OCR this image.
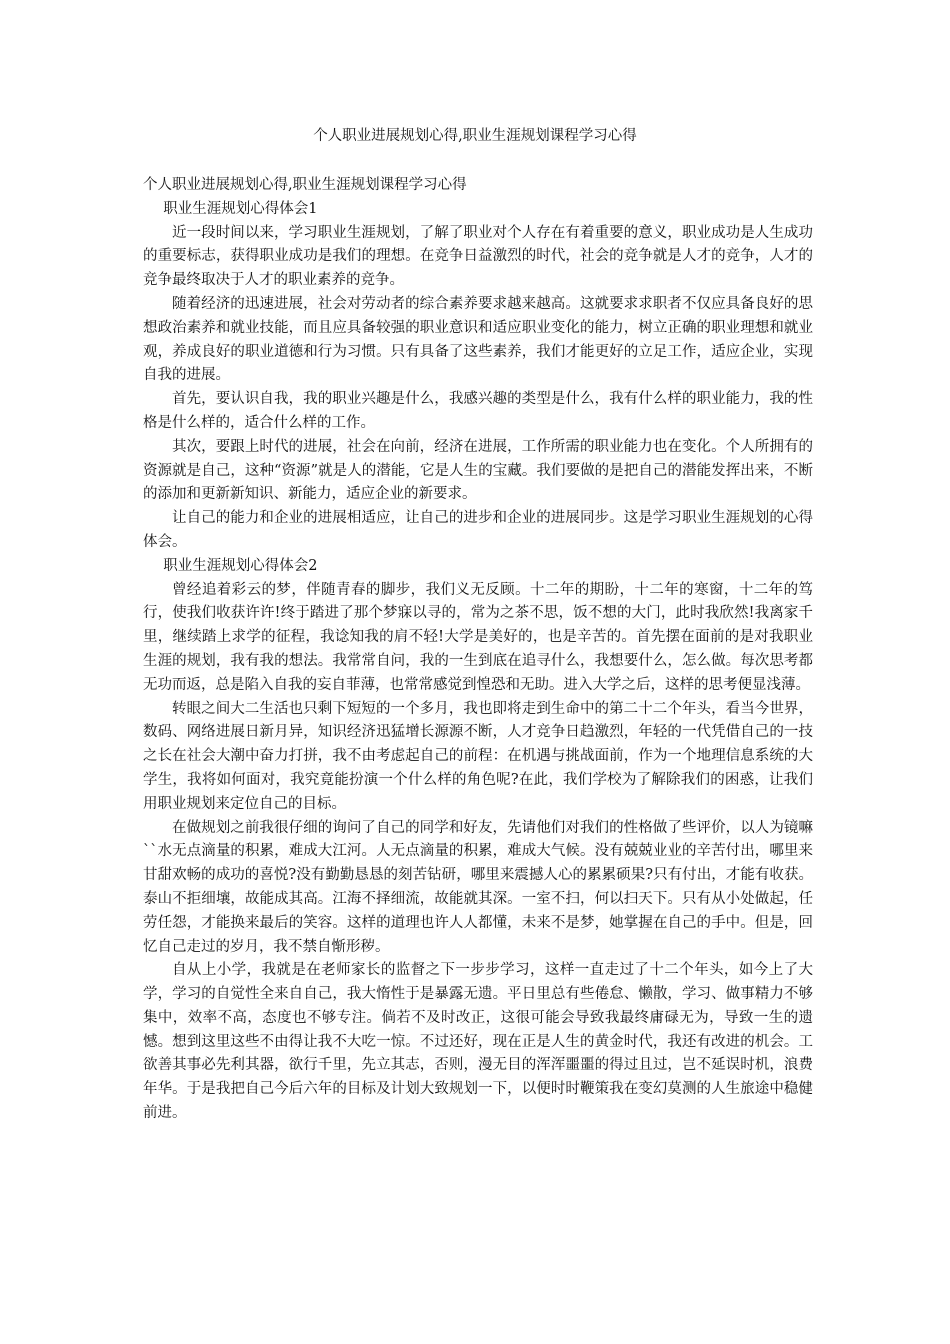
个人职业进展规划心得,职业生涯规划课程学习心得

个人职业进展规划心得,职业生涯规划课程学习心得

职业生涯规划心得体会1

近一段时间以来，学习职业生涯规划，了解了职业对个人存在有着重要的意义，职业成功是人生成功的重要标志，获得职业成功是我们的理想。在竞争日益激烈的时代，社会的竞争就是人才的竞争，人才的竞争最终取决于人才的职业素养的竞争。

随着经济的迅速进展，社会对劳动者的综合素养要求越来越高。这就要求求职者不仅应具备良好的思想政治素养和就业技能，而且应具备较强的职业意识和适应职业变化的能力，树立正确的职业理想和就业观，养成良好的职业道德和行为习惯。只有具备了这些素养，我们才能更好的立足工作，适应企业，实现自我的进展。

首先，要认识自我，我的职业兴趣是什么，我感兴趣的类型是什么，我有什么样的职业能力，我的性格是什么样的，适合什么样的工作。

其次，要跟上时代的进展，社会在向前，经济在进展，工作所需的职业能力也在变化。个人所拥有的资源就是自己，这种“资源”就是人的潜能，它是人生的宝藏。我们要做的是把自己的潜能发挥出来，不断的添加和更新新知识、新能力，适应企业的新要求。

让自己的能力和企业的进展相适应，让自己的进步和企业的进展同步。这是学习职业生涯规划的心得体会。

职业生涯规划心得体会2

曾经追着彩云的梦，伴随青春的脚步，我们义无反顾。十二年的期盼，十二年的寒窗，十二年的笃行，使我们收获许许!终于踏进了那个梦寐以寻的，常为之茶不思，饭不想的大门，此时我欣然!我离家千里，继续踏上求学的征程，我谂知我的肩不轻!大学是美好的，也是辛苦的。首先摆在面前的是对我职业生涯的规划，我有我的想法。我常常自问，我的一生到底在追寻什么，我想要什么，怎么做。每次思考都无功而返，总是陷入自我的妄自菲薄，也常常感觉到惶恐和无助。进入大学之后，这样的思考便显浅薄。

转眼之间大二生活也只剩下短短的一个多月，我也即将走到生命中的第二十二个年头，看当今世界，数码、网络进展日新月异，知识经济迅猛增长源源不断，人才竞争日趋激烈，年轻的一代凭借自己的一技之长在社会大潮中奋力打拼，我不由考虑起自己的前程：在机遇与挑战面前，作为一个地理信息系统的大学生，我将如何面对，我究竟能扮演一个什么样的角色呢?在此，我们学校为了解除我们的困惑，让我们用职业规划来定位自己的目标。

在做规划之前我很仔细的询问了自己的同学和好友，先请他们对我们的性格做了些评价，以人为镜嘛``水无点滴量的积累，难成大江河。人无点滴量的积累，难成大气候。没有兢兢业业的辛苦付出，哪里来甘甜欢畅的成功的喜悦?没有勤勤恳恳的刻苦钻研，哪里来震撼人心的累累硕果?只有付出，才能有收获。泰山不拒细壤，故能成其高。江海不择细流，故能就其深。一室不扫，何以扫天下。只有从小处做起，任劳任怨，才能换来最后的笑容。这样的道理也许人人都懂，未来不是梦，她掌握在自己的手中。但是，回忆自己走过的岁月，我不禁自惭形秽。

自从上小学，我就是在老师家长的监督之下一步步学习，这样一直走过了十二个年头，如今上了大学，学习的自觉性全来自自己，我大惰性于是暴露无遗。平日里总有些倦怠、懒散，学习、做事精力不够集中，效率不高，态度也不够专注。倘若不及时改正，这很可能会导致我最终庸碌无为，导致一生的遗憾。想到这里这些不由得让我不大吃一惊。不过还好，现在正是人生的黄金时代，我还有改进的机会。工欲善其事必先利其器，欲行千里，先立其志，否则，漫无目的浑浑噩噩的得过且过，岂不延误时机，浪费年华。于是我把自己今后六年的目标及计划大致规划一下，以便时时鞭策我在变幻莫测的人生旅途中稳健前进。
